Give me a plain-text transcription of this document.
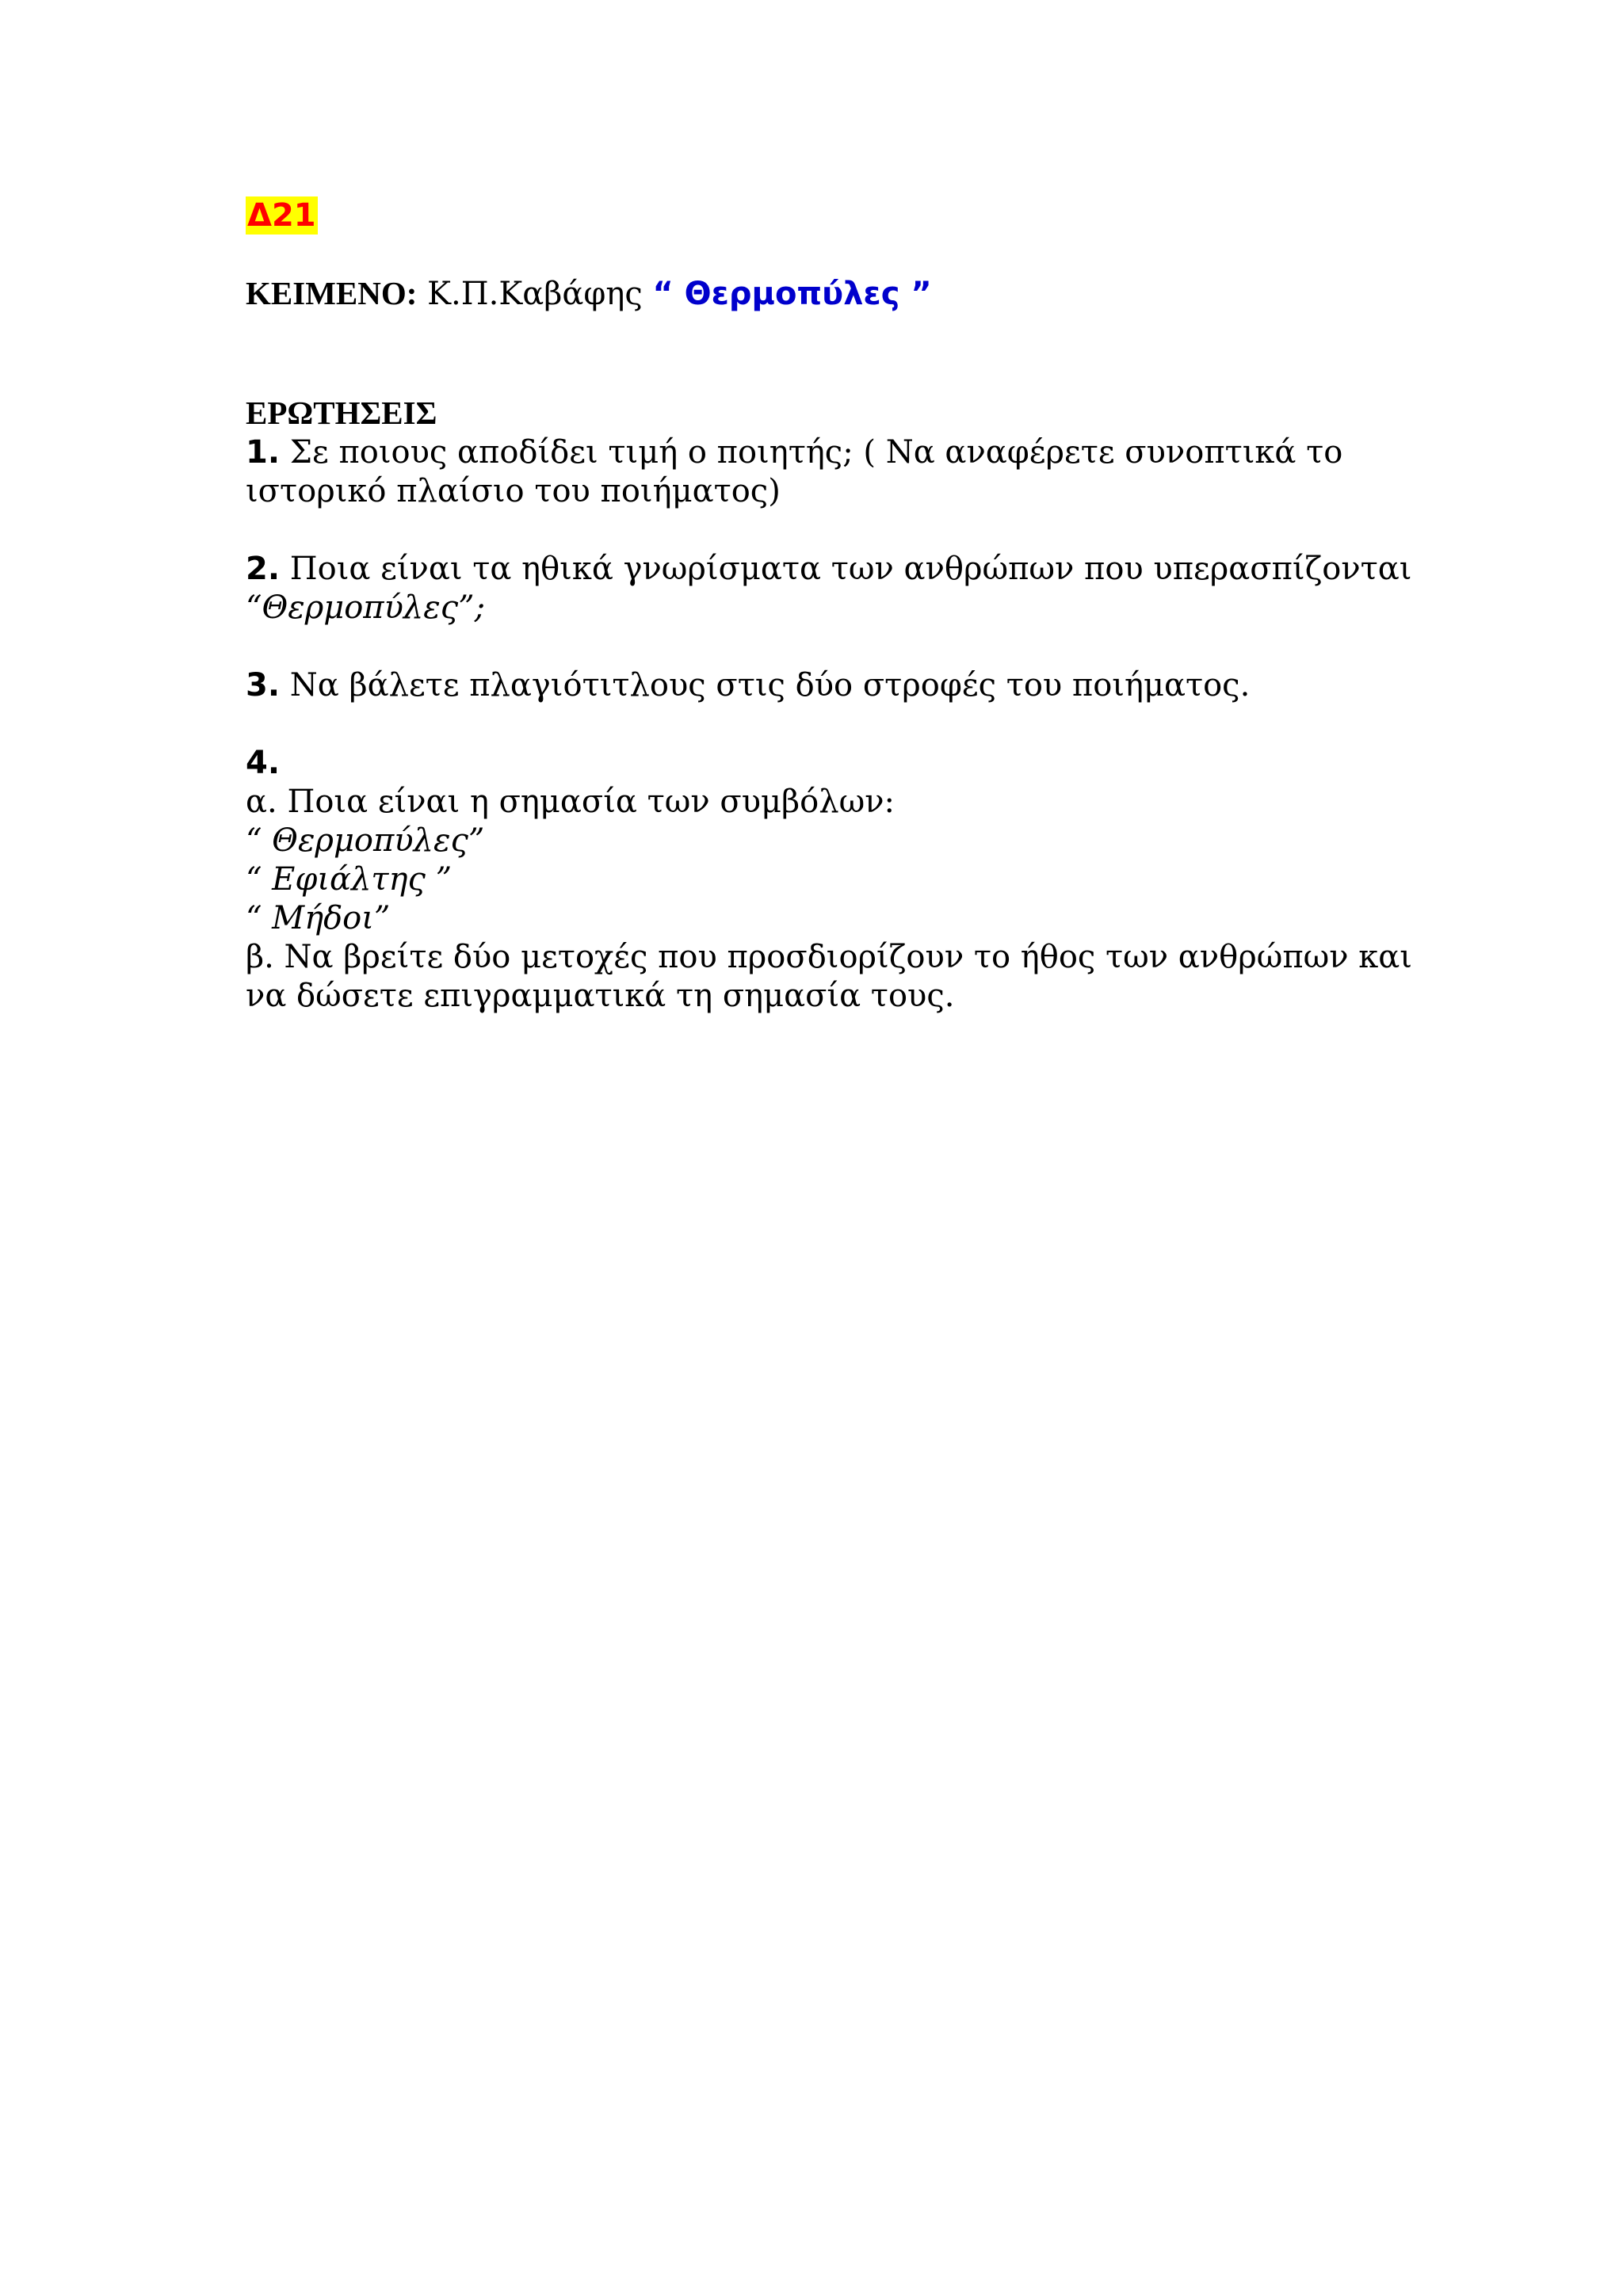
Δ21
ΚΕΙΜΕΝΟ: Κ.Π.Καβάφης “ Θερμοπύλες ”
ΕΡΩΤΗΣΕΙΣ
1. Σε ποιους αποδίδει τιμή ο ποιητής; ( Να αναφέρετε συνοπτικά το
ιστορικό πλαίσιο του ποιήματος)
2. Ποια είναι τα ηθικά γνωρίσματα των ανθρώπων που υπερασπίζονται
“Θερμοπύλες”;
3. Να βάλετε πλαγιότιτλους στις δύο στροφές του ποιήματος.
4.
α. Ποια είναι η σημασία των συμβόλων:
“ Θερμοπύλες”
“ Εφιάλτης ”
“ Μήδοι”
β. Να βρείτε δύο μετοχές που προσδιορίζουν το ήθος των ανθρώπων και
να δώσετε επιγραμματικά τη σημασία τους.
